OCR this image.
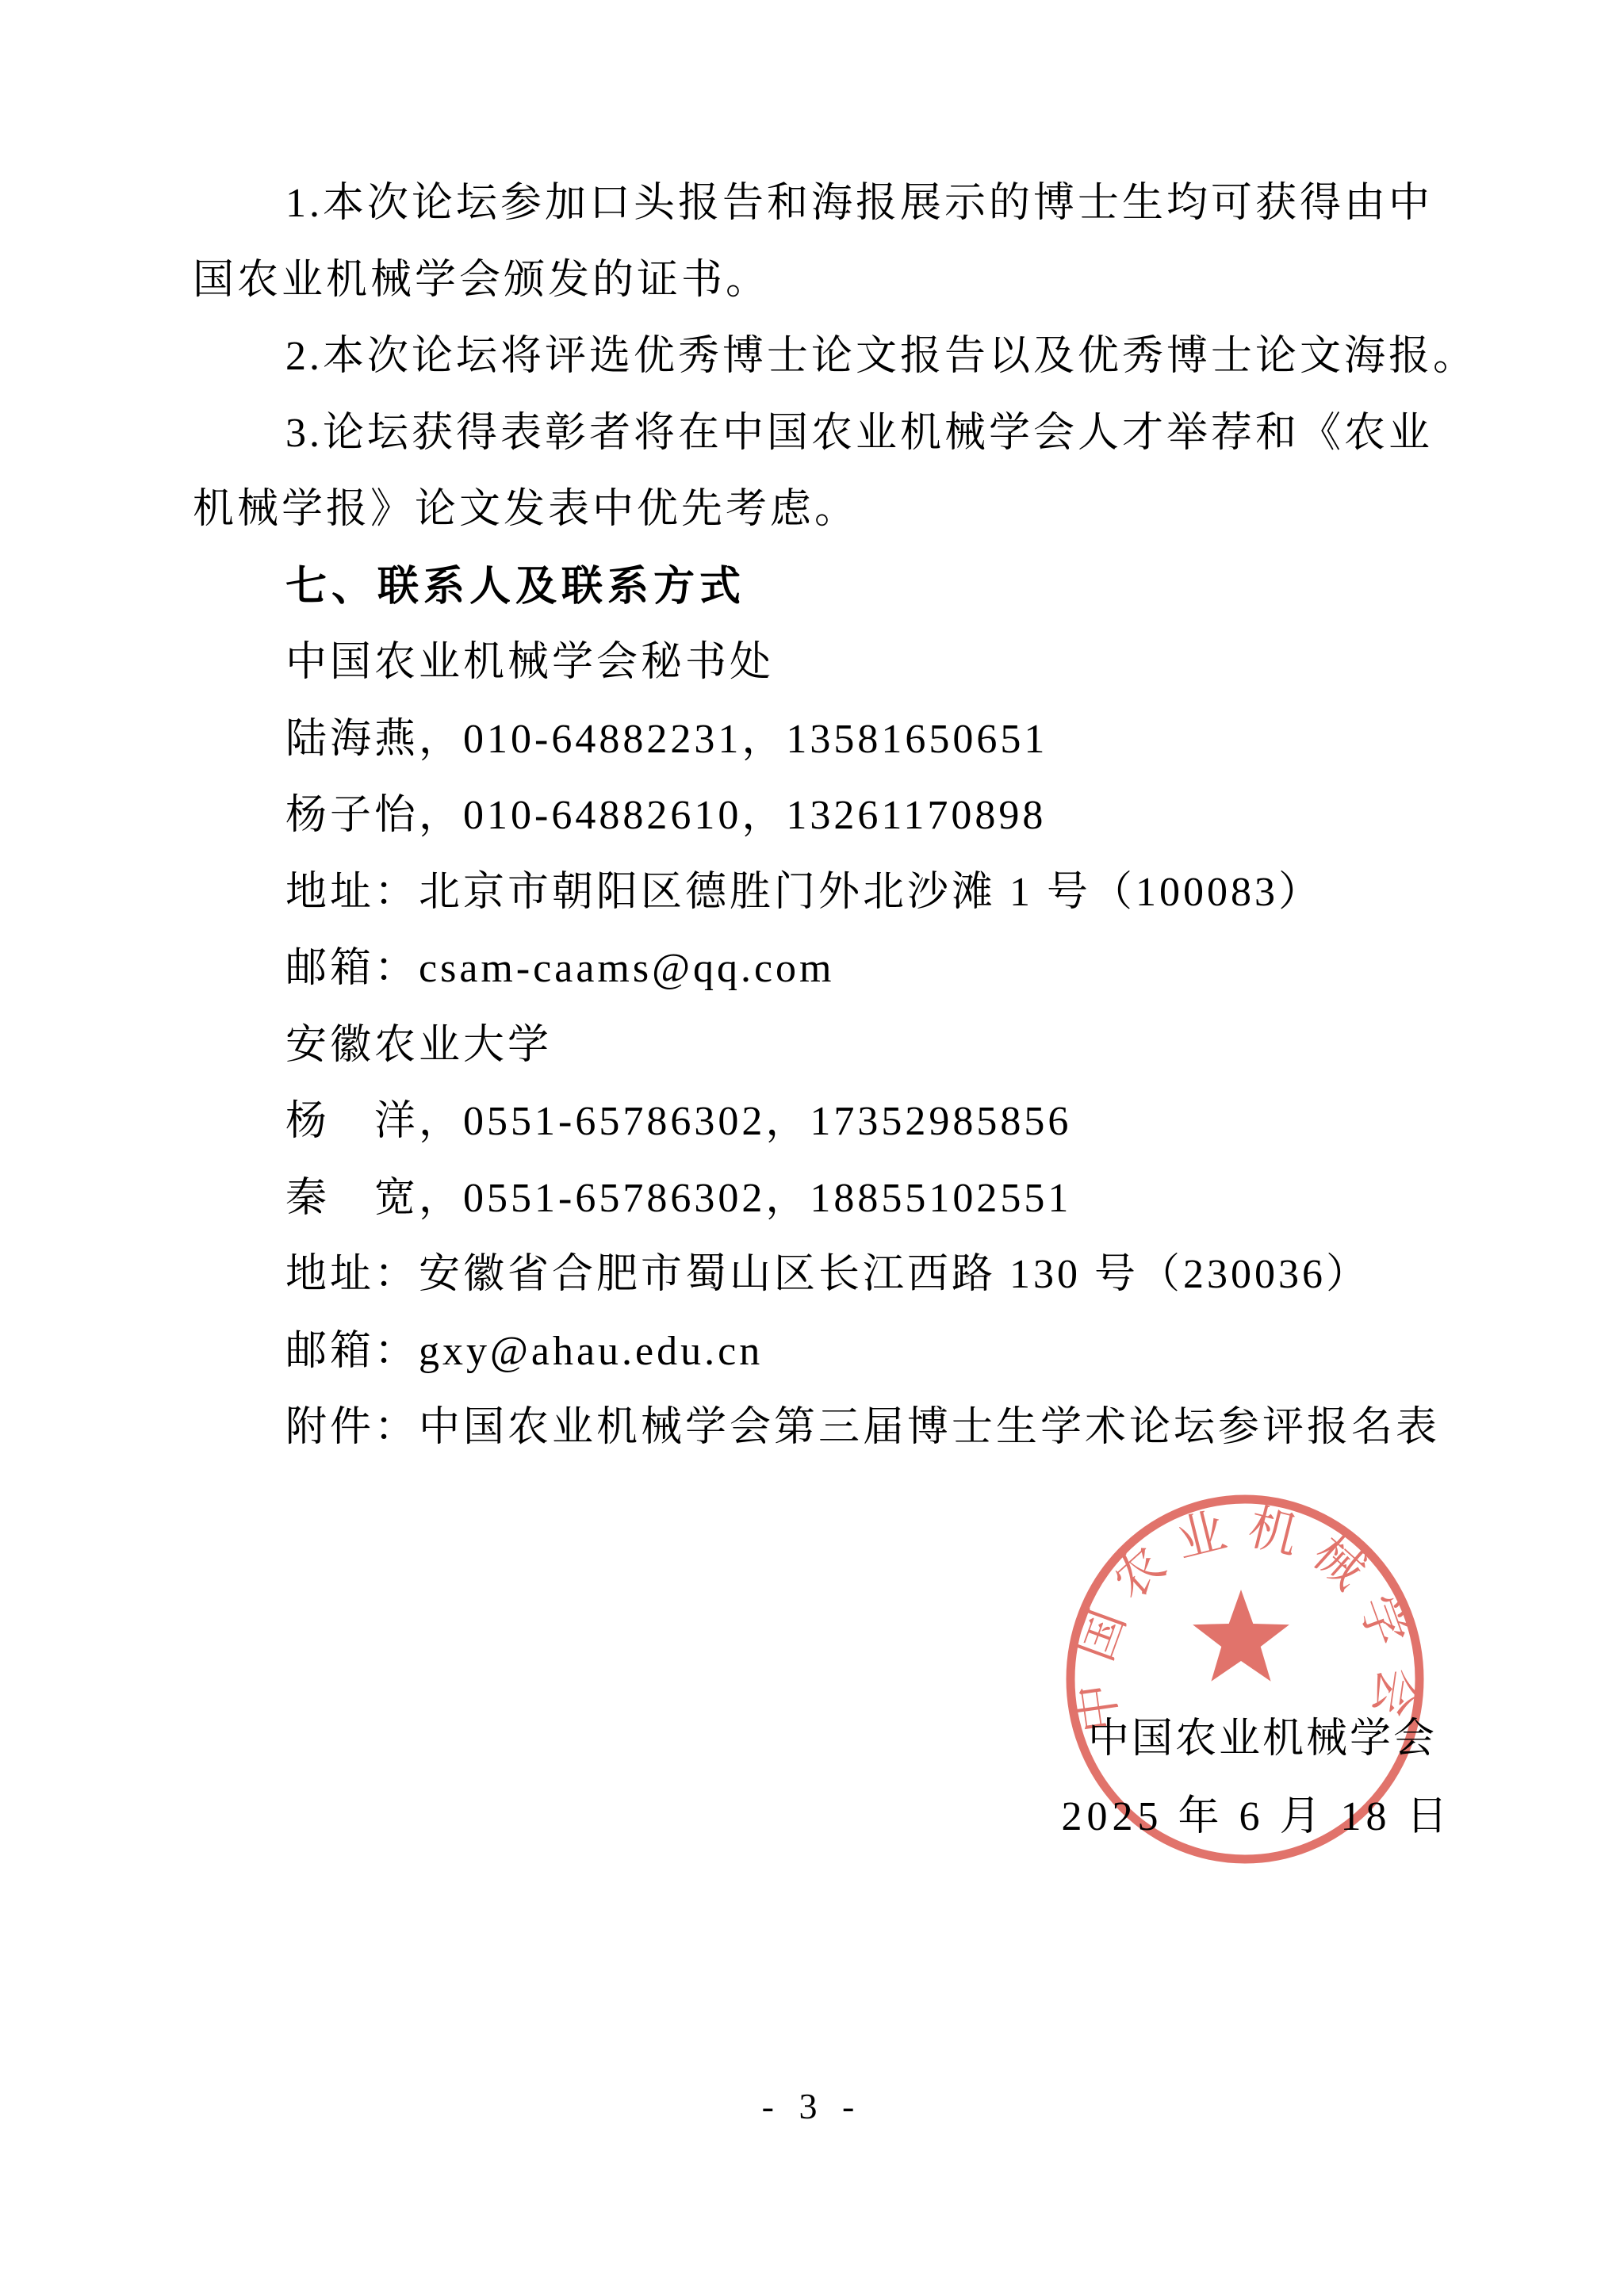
1.本次论坛参加口头报告和海报展示的博士生均可获得由中
国农业机械学会颁发的证书。
2.本次论坛将评选优秀博士论文报告以及优秀博士论文海报。
3.论坛获得表彰者将在中国农业机械学会人才举荐和《农业
机械学报》论文发表中优先考虑。
七、联系人及联系方式
中国农业机械学会秘书处
陆海燕，010-64882231，13581650651
杨子怡，010-64882610，13261170898
地址：北京市朝阳区德胜门外北沙滩 1 号（100083）
邮箱：csam-caams@qq.com
安徽农业大学
杨　洋，0551-65786302，17352985856
秦　宽，0551-65786302，18855102551
地址：安徽省合肥市蜀山区长江西路 130 号（230036）
邮箱：gxy@ahau.edu.cn
附件：中国农业机械学会第三届博士生学术论坛参评报名表
中国农业机械学会
2025 年 6 月 18 日
中国农业机械学会
- 3 -
